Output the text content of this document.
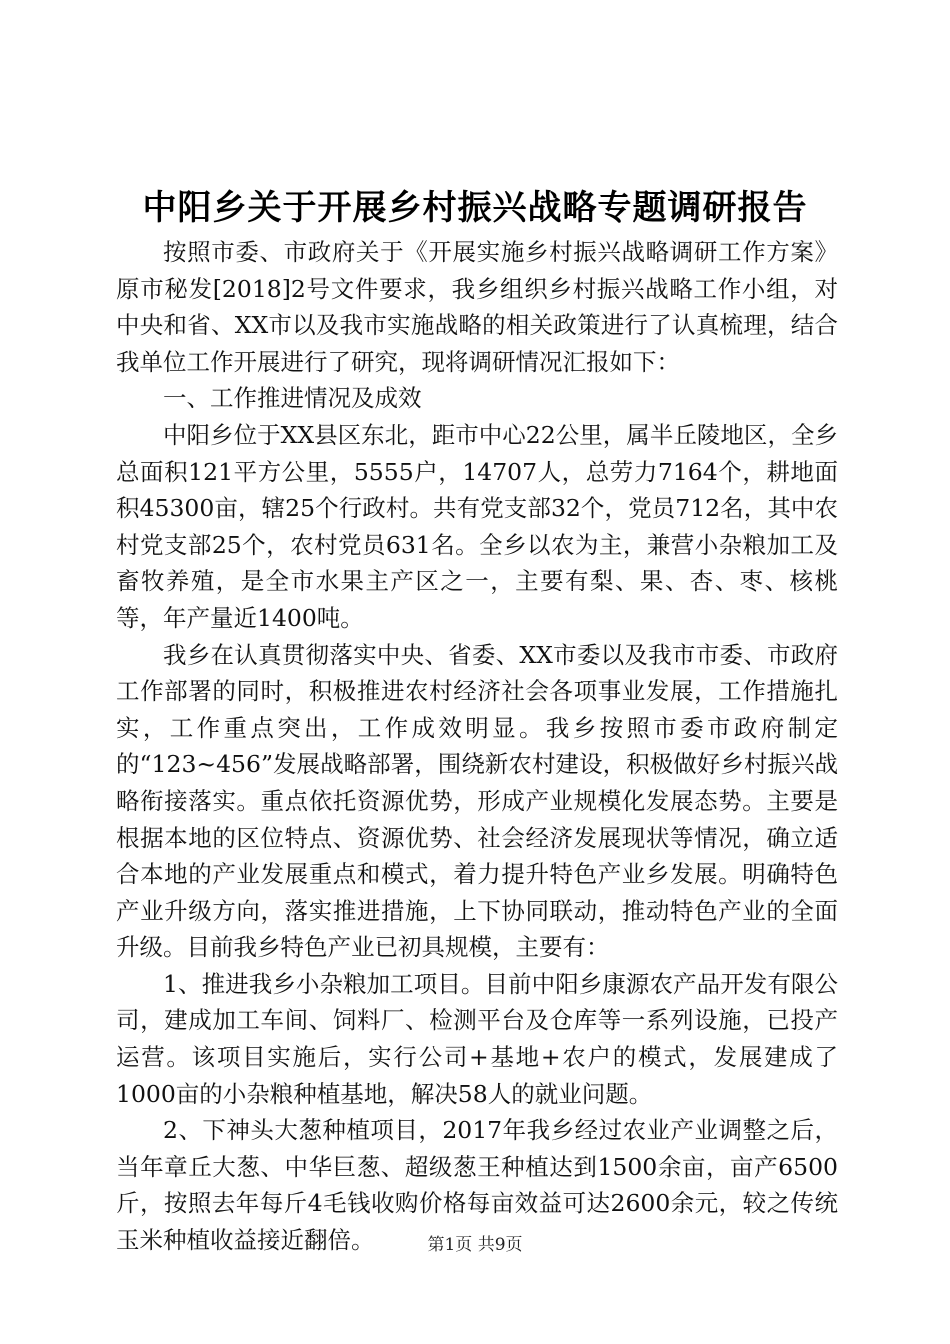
中阳乡关于开展乡村振兴战略专题调研报告

按照市委、市政府关于《开展实施乡村振兴战略调研工作方案》原市秘发[2018]2号文件要求，我乡组织乡村振兴战略工作小组，对中央和省、XX市以及我市实施战略的相关政策进行了认真梳理，结合我单位工作开展进行了研究，现将调研情况汇报如下：

一、工作推进情况及成效

中阳乡位于XX县区东北，距市中心22公里，属半丘陵地区，全乡总面积121平方公里，5555户，14707人，总劳力7164个，耕地面积45300亩，辖25个行政村。共有党支部32个，党员712名，其中农村党支部25个，农村党员631名。全乡以农为主，兼营小杂粮加工及畜牧养殖，是全市水果主产区之一，主要有梨、果、杏、枣、核桃等，年产量近1400吨。

我乡在认真贯彻落实中央、省委、XX市委以及我市市委、市政府工作部署的同时，积极推进农村经济社会各项事业发展，工作措施扎实，工作重点突出，工作成效明显。我乡按照市委市政府制定的“123~456”发展战略部署，围绕新农村建设，积极做好乡村振兴战略衔接落实。重点依托资源优势，形成产业规模化发展态势。主要是根据本地的区位特点、资源优势、社会经济发展现状等情况，确立适合本地的产业发展重点和模式，着力提升特色产业乡发展。明确特色产业升级方向，落实推进措施，上下协同联动，推动特色产业的全面升级。目前我乡特色产业已初具规模，主要有：

1、推进我乡小杂粮加工项目。目前中阳乡康源农产品开发有限公司，建成加工车间、饲料厂、检测平台及仓库等一系列设施，已投产运营。该项目实施后，实行公司+基地+农户的模式，发展建成了1000亩的小杂粮种植基地，解决58人的就业问题。

2、下神头大葱种植项目，2017年我乡经过农业产业调整之后，当年章丘大葱、中华巨葱、超级葱王种植达到1500余亩，亩产6500斤，按照去年每斤4毛钱收购价格每亩效益可达2600余元，较之传统玉米种植收益接近翻倍。	第1页 共9页
